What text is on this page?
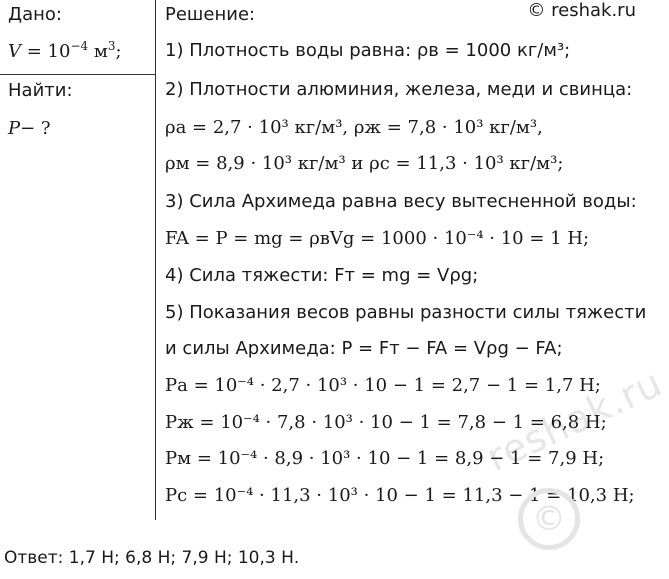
reshak.ru
© reshak.ru
Дано:
$V = 10^{-4}$ $м^3$;
Найти:
P− ?
Решение:
1) Плотность воды равна: ρв = 1000 кг/м³;
2) Плотности алюминия, железа, меди и свинца:
ρа = 2,7 · 10³ кг/м³, ρж = 7,8 · 10³ кг/м³,
ρм = 8,9 · 10³ кг/м³ и ρс = 11,3 · 10³ кг/м³;
3) Сила Архимеда равна весу вытесненной воды:
FA = P = mg = ρвVg = 1000 · 10⁻⁴ · 10 = 1 Н;
4) Сила тяжести: Fт = mg = Vρg;
5) Показания весов равны разности силы тяжести
и силы Архимеда: P = Fт − FA = Vρg − FA;
Pа = 10⁻⁴ · 2,7 · 10³ · 10 − 1 = 2,7 − 1 = 1,7 Н;
Pж = 10⁻⁴ · 7,8 · 10³ · 10 − 1 = 7,8 − 1 = 6,8 Н;
Pм = 10⁻⁴ · 8,9 · 10³ · 10 − 1 = 8,9 − 1 = 7,9 Н;
Pс = 10⁻⁴ · 11,3 · 10³ · 10 − 1 = 11,3 − 1 = 10,3 Н;
Ответ: 1,7 Н; 6,8 Н; 7,9 Н; 10,3 Н.
©
